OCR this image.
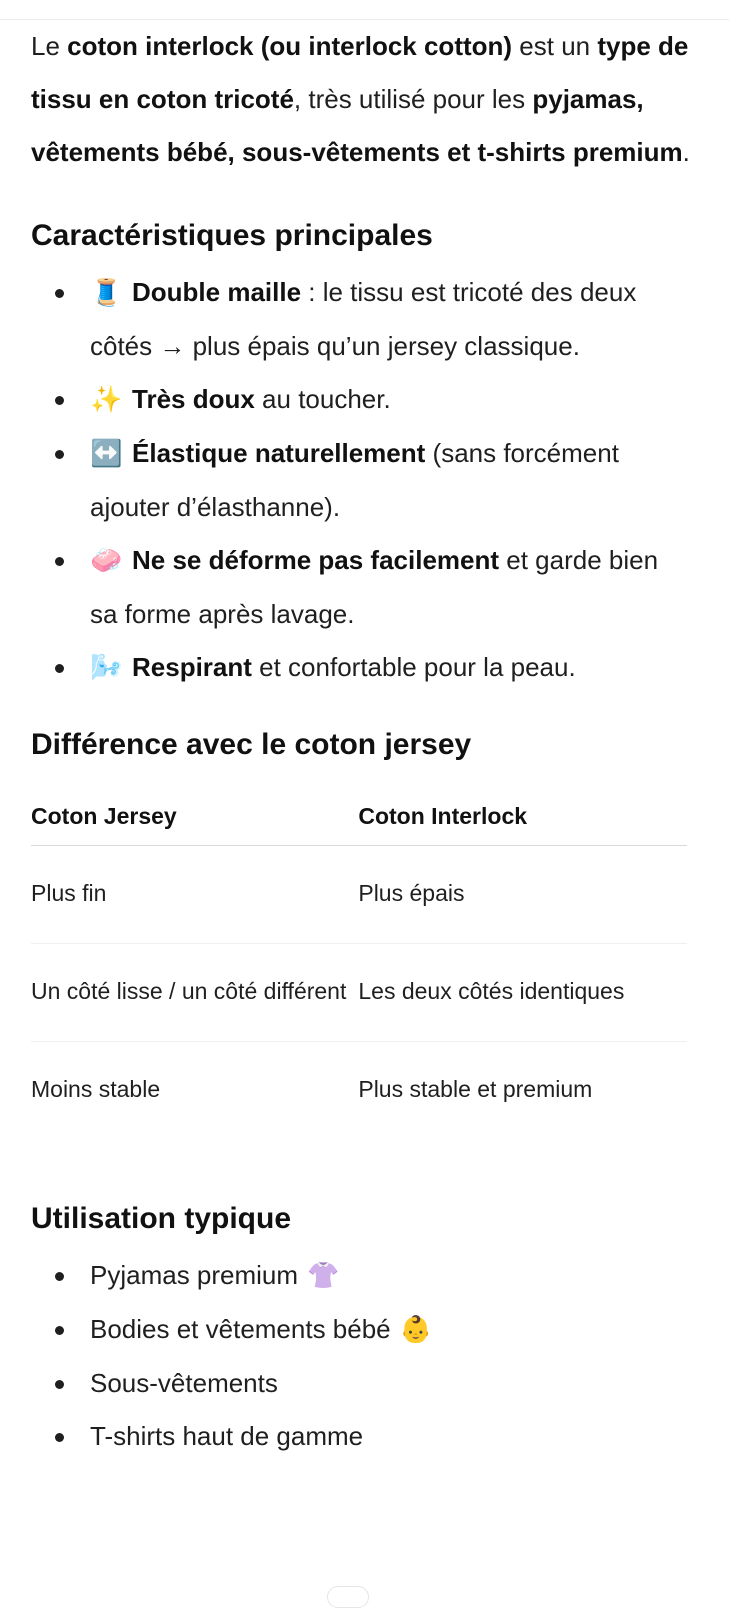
Le coton interlock (ou interlock cotton) est un type de tissu en coton tricoté, très utilisé pour les pyjamas, vêtements bébé, sous-vêtements et t-shirts premium.

Caractéristiques principales
🧵 Double maille : le tissu est tricoté des deux côtés → plus épais qu’un jersey classique.
✨ Très doux au toucher.
↔️ Élastique naturellement (sans forcément ajouter d’élasthanne).
🧼 Ne se déforme pas facilement et garde bien sa forme après lavage.
🌬️ Respirant et confortable pour la peau.
Différence avec le coton jersey
Coton Jersey	Coton Interlock
Plus fin	Plus épais
Un côté lisse / un côté différent	Les deux côtés identiques
Moins stable	Plus stable et premium
Utilisation typique
Pyjamas premium 👚
Bodies et vêtements bébé 👶
Sous-vêtements
T-shirts haut de gamme
